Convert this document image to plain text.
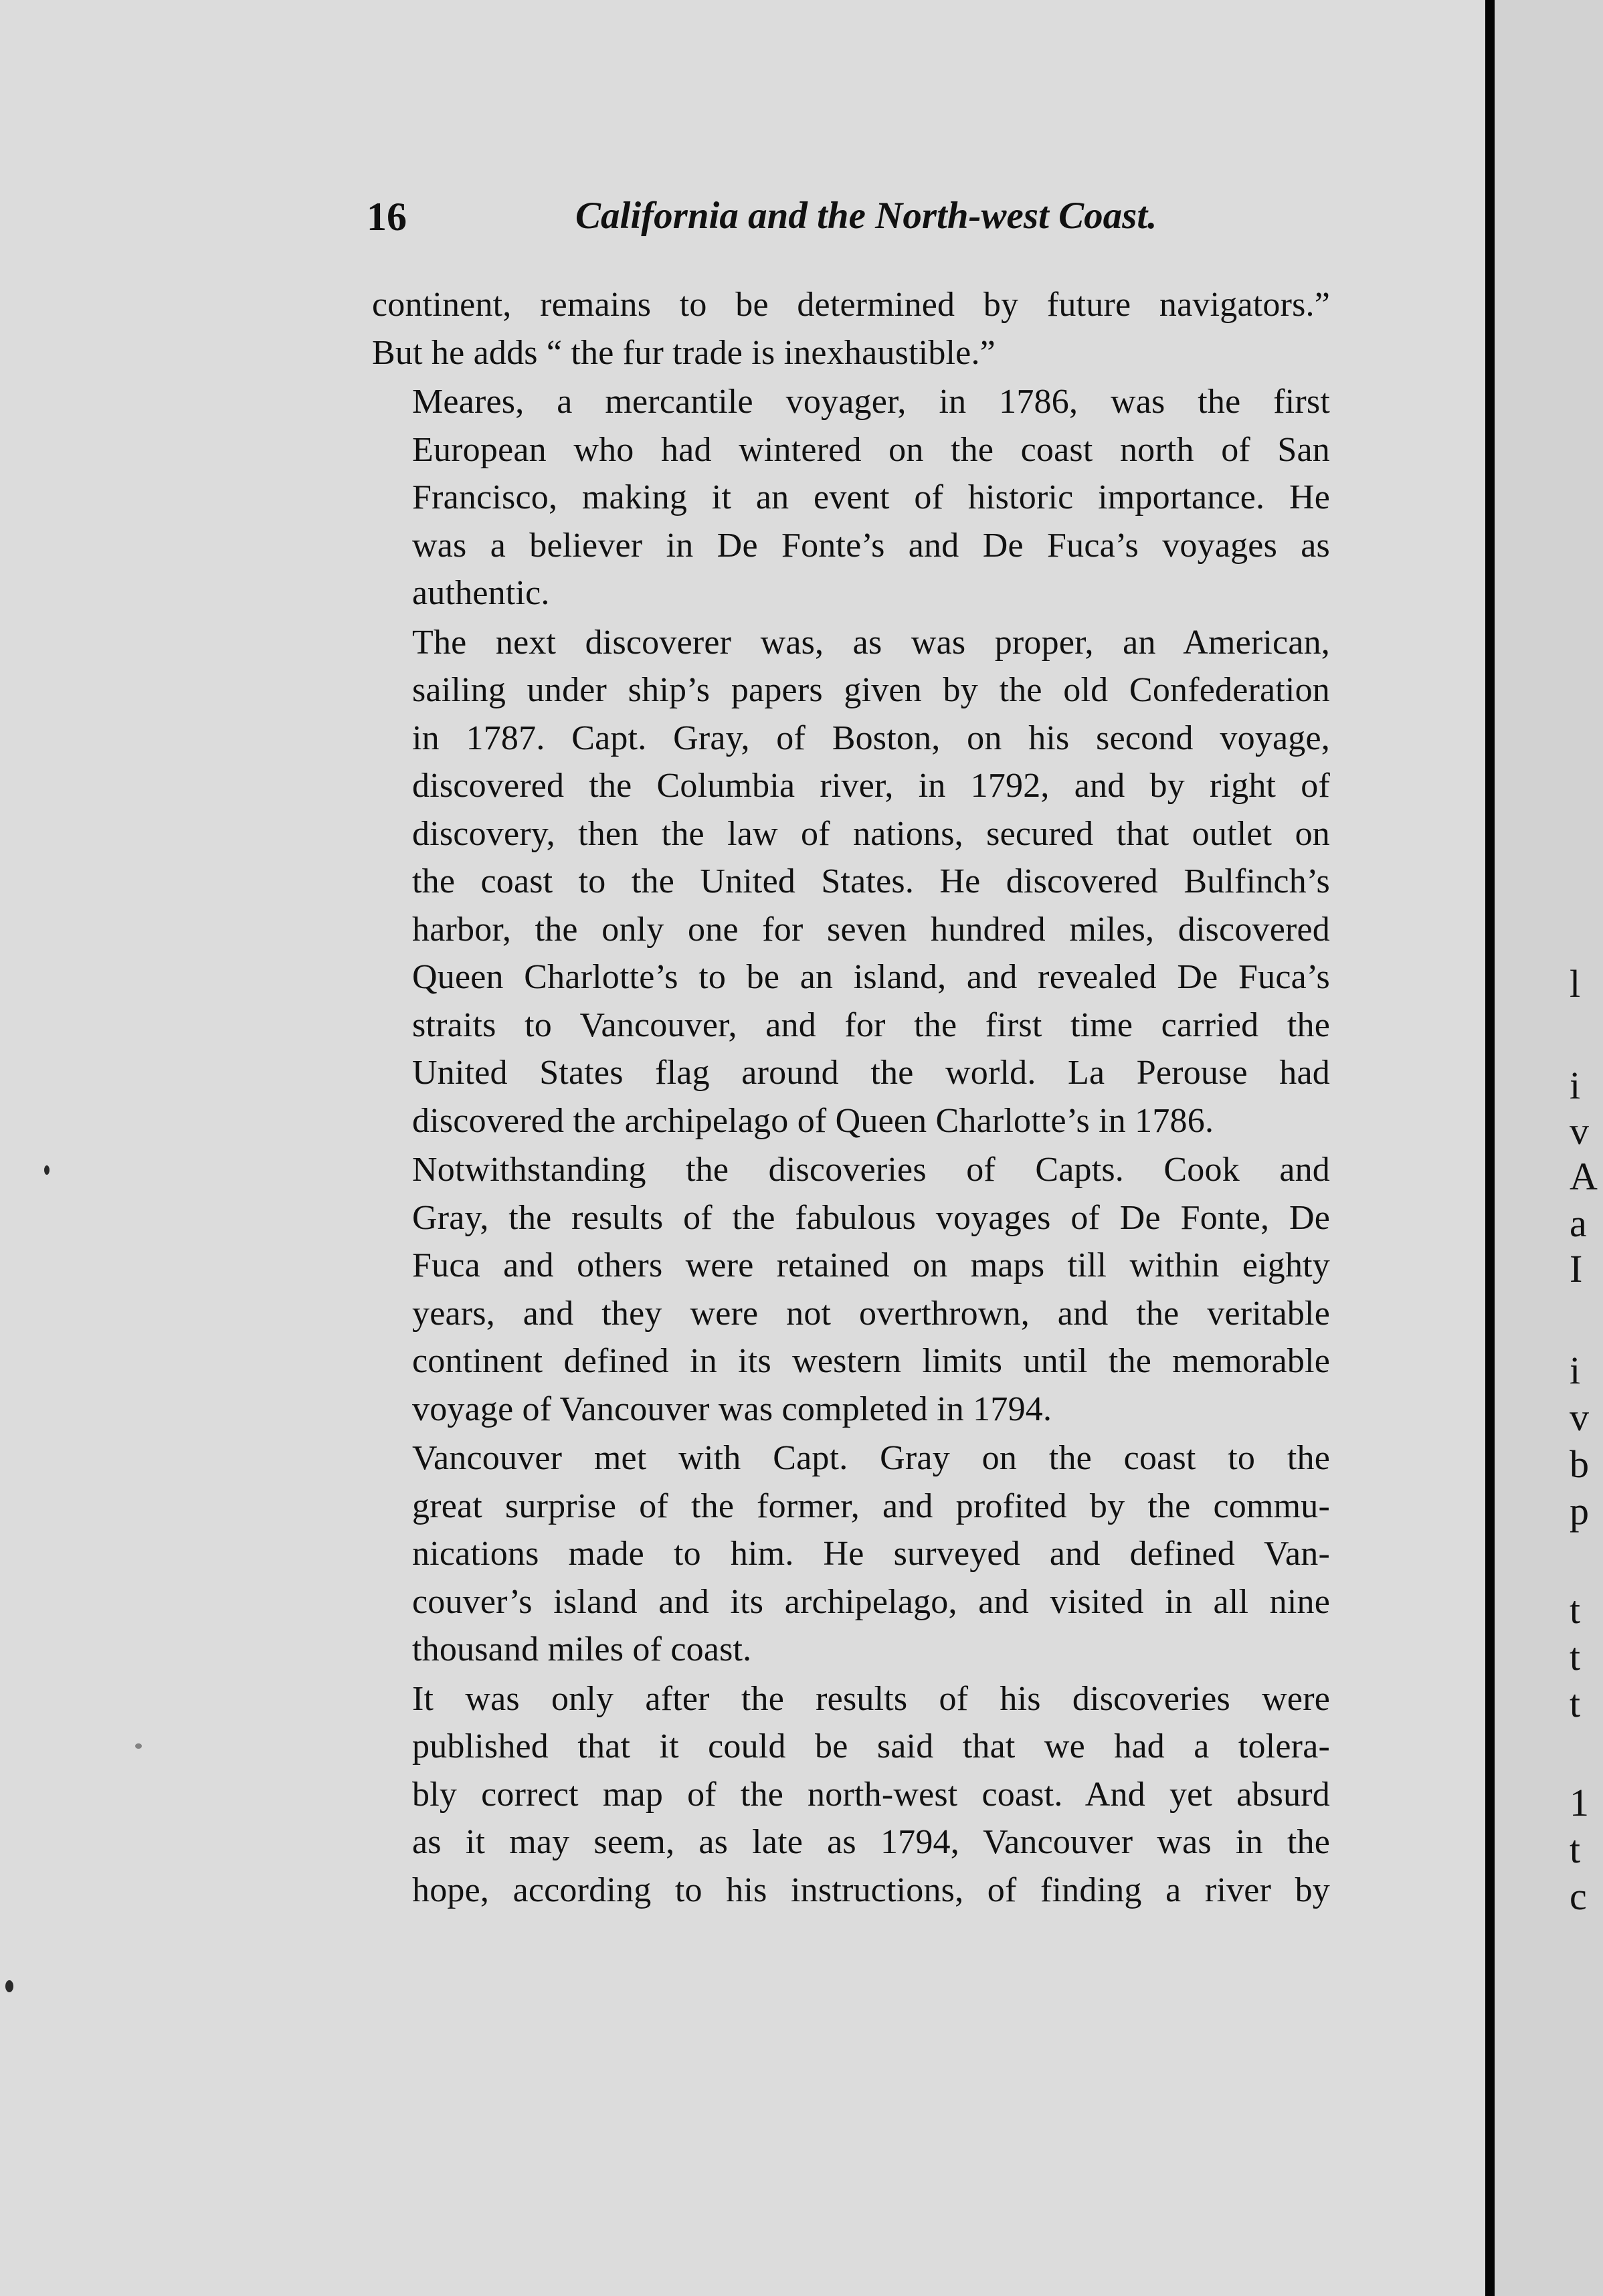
16	California and the North-west Coast.

continent, remains to be determined by future navigators.”
But he adds “ the fur trade is inexhaustible.”

Meares, a mercantile voyager, in 1786, was the first
European who had wintered on the coast north of San
Francisco, making it an event of historic importance. He
was a believer in De Fonte’s and De Fuca’s voyages as
authentic.

The next discoverer was, as was proper, an American,
sailing under ship’s papers given by the old Confederation
in 1787. Capt. Gray, of Boston, on his second voyage,
discovered the Columbia river, in 1792, and by right of
discovery, then the law of nations, secured that outlet on
the coast to the United States. He discovered Bulfinch’s
harbor, the only one for seven hundred miles, discovered
Queen Charlotte’s to be an island, and revealed De Fuca’s
straits to Vancouver, and for the first time carried the
United States flag around the world. La Perouse had
discovered the archipelago of Queen Charlotte’s in 1786.

Notwithstanding the discoveries of Capts. Cook and
Gray, the results of the fabulous voyages of De Fonte, De
Fuca and others were retained on maps till within eighty
years, and they were not overthrown, and the veritable
continent defined in its western limits until the memorable
voyage of Vancouver was completed in 1794.

Vancouver met with Capt. Gray on the coast to the
great surprise of the former, and profited by the commu-
nications made to him. He surveyed and defined Van-
couver’s island and its archipelago, and visited in all nine
thousand miles of coast.

It was only after the results of his discoveries were
published that it could be said that we had a tolera-
bly correct map of the north-west coast. And yet absurd
as it may seem, as late as 1794, Vancouver was in the
hope, according to his instructions, of finding a river by

l
i
v
A
a
I
i
v
b
p
t
t
t
1
t
c
